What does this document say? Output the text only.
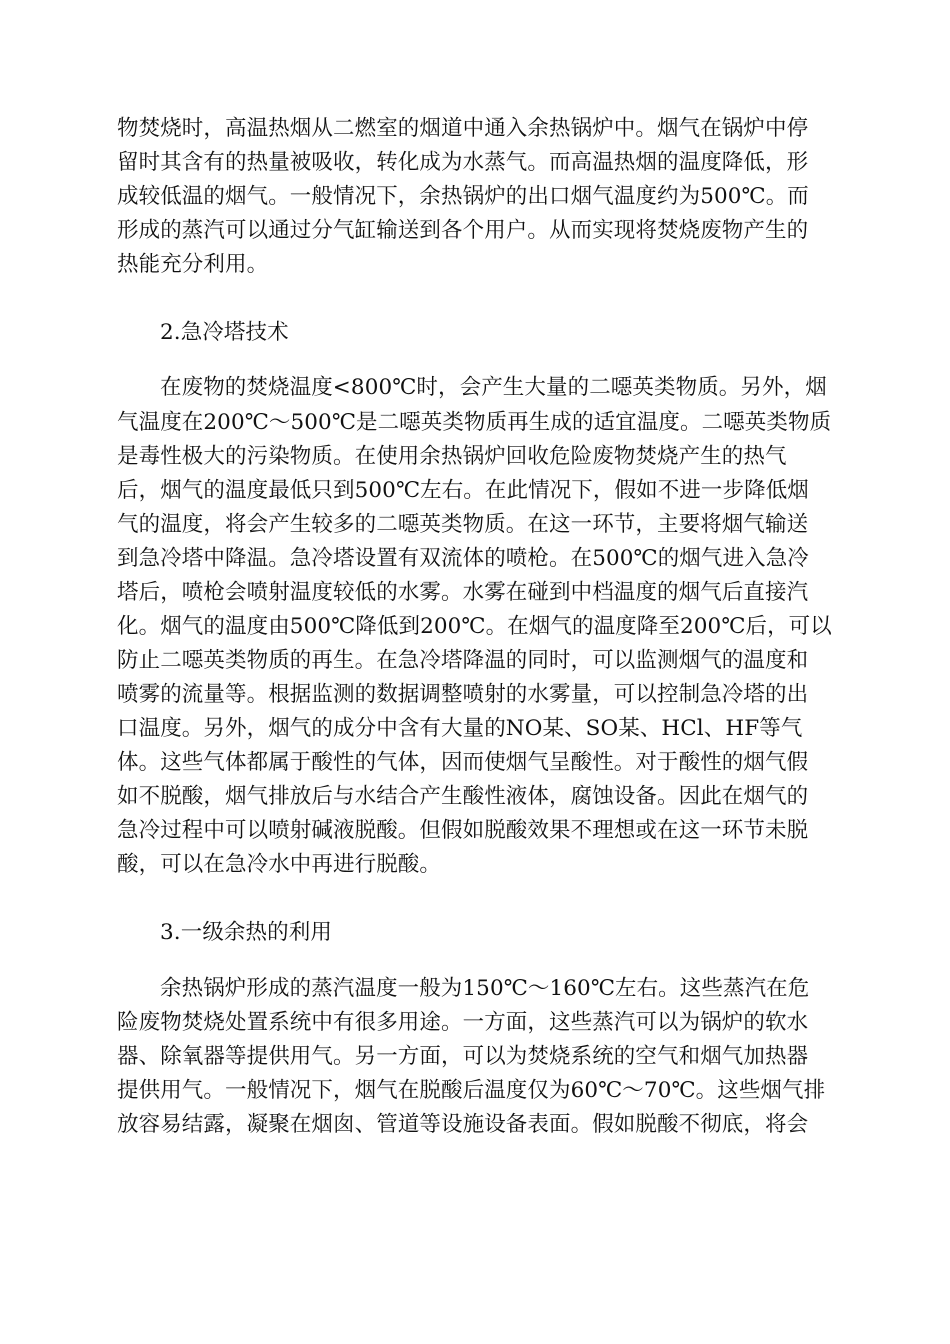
物焚烧时，高温热烟从二燃室的烟道中通入余热锅炉中。烟气在锅炉中停
留时其含有的热量被吸收，转化成为水蒸气。而高温热烟的温度降低，形
成较低温的烟气。一般情况下，余热锅炉的出口烟气温度约为500℃。而
形成的蒸汽可以通过分气缸输送到各个用户。从而实现将焚烧废物产生的
热能充分利用。
2.急冷塔技术
在废物的焚烧温度<800℃时，会产生大量的二噁英类物质。另外，烟
气温度在200℃～500℃是二噁英类物质再生成的适宜温度。二噁英类物质
是毒性极大的污染物质。在使用余热锅炉回收危险废物焚烧产生的热气
后，烟气的温度最低只到500℃左右。在此情况下，假如不进一步降低烟
气的温度，将会产生较多的二噁英类物质。在这一环节，主要将烟气输送
到急冷塔中降温。急冷塔设置有双流体的喷枪。在500℃的烟气进入急冷
塔后，喷枪会喷射温度较低的水雾。水雾在碰到中档温度的烟气后直接汽
化。烟气的温度由500℃降低到200℃。在烟气的温度降至200℃后，可以
防止二噁英类物质的再生。在急冷塔降温的同时，可以监测烟气的温度和
喷雾的流量等。根据监测的数据调整喷射的水雾量，可以控制急冷塔的出
口温度。另外，烟气的成分中含有大量的NO某、SO某、HCl、HF等气
体。这些气体都属于酸性的气体，因而使烟气呈酸性。对于酸性的烟气假
如不脱酸，烟气排放后与水结合产生酸性液体，腐蚀设备。因此在烟气的
急冷过程中可以喷射碱液脱酸。但假如脱酸效果不理想或在这一环节未脱
酸，可以在急冷水中再进行脱酸。
3.一级余热的利用
余热锅炉形成的蒸汽温度一般为150℃～160℃左右。这些蒸汽在危
险废物焚烧处置系统中有很多用途。一方面，这些蒸汽可以为锅炉的软水
器、除氧器等提供用气。另一方面，可以为焚烧系统的空气和烟气加热器
提供用气。一般情况下，烟气在脱酸后温度仅为60℃～70℃。这些烟气排
放容易结露，凝聚在烟囱、管道等设施设备表面。假如脱酸不彻底，将会
